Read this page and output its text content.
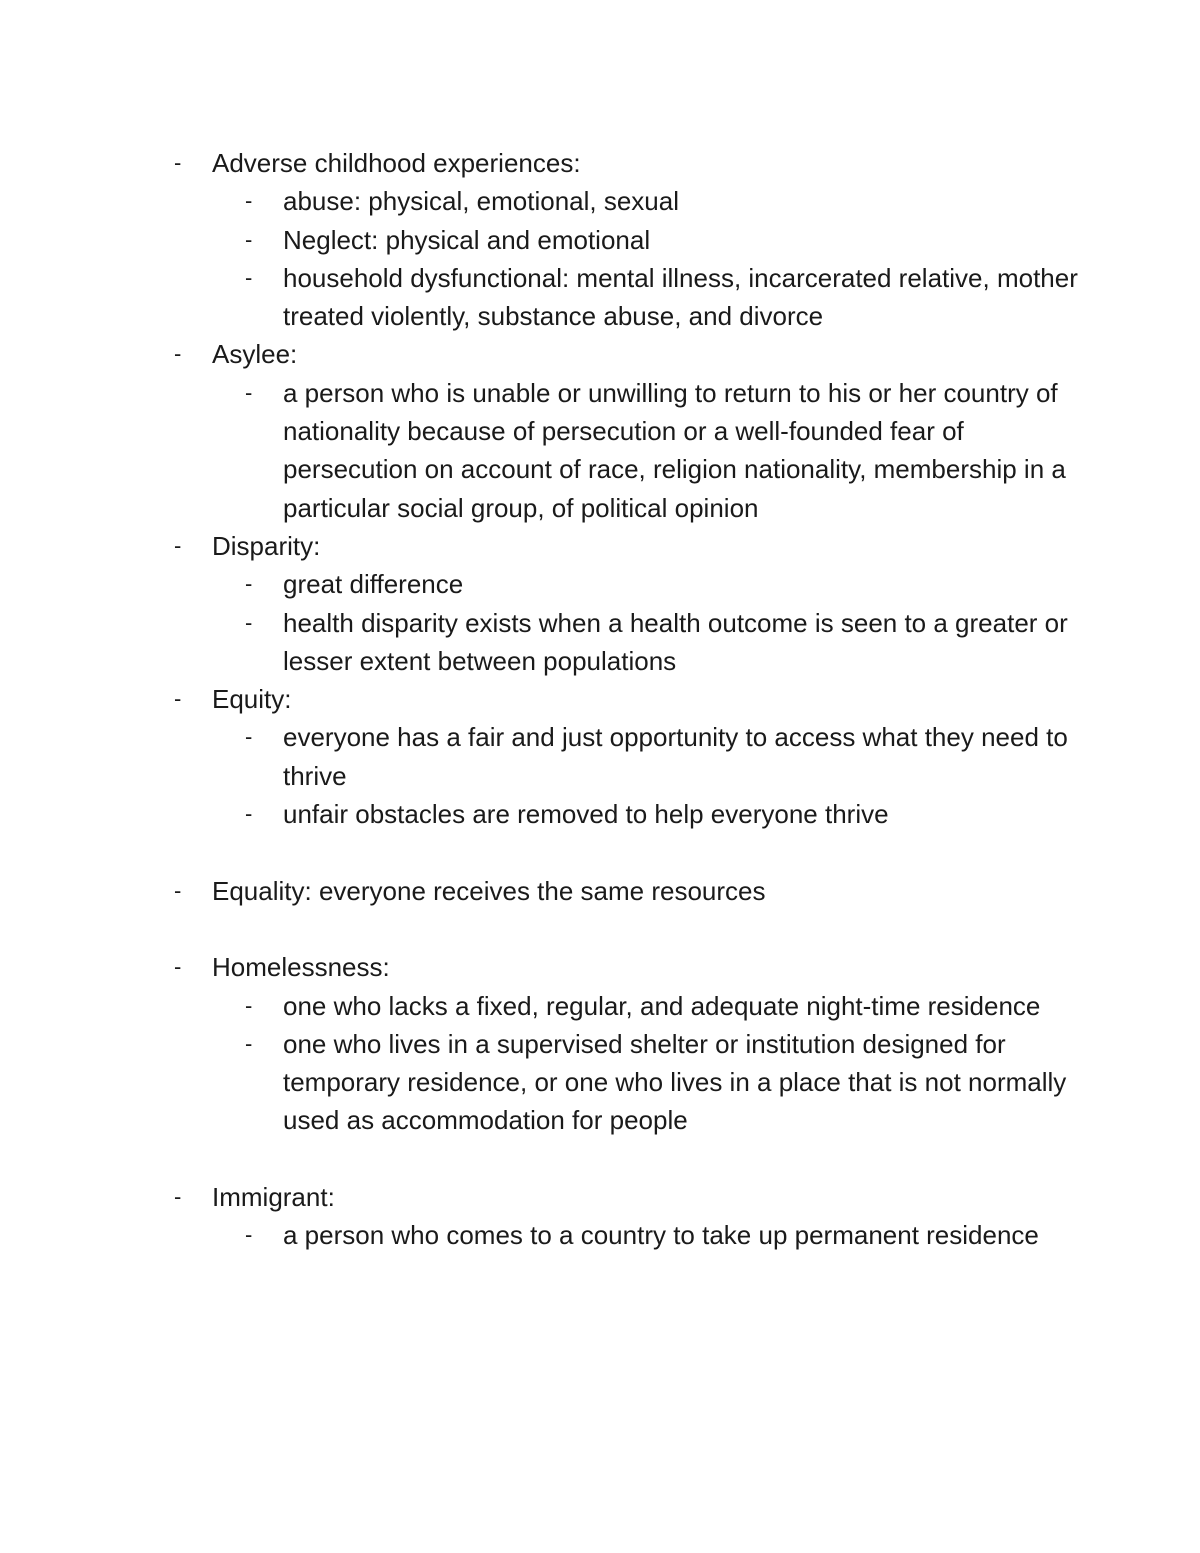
- Adverse childhood experiences:
- abuse: physical, emotional, sexual
- Neglect: physical and emotional
- household dysfunctional: mental illness, incarcerated relative, mother treated violently, substance abuse, and divorce
- Asylee:
- a person who is unable or unwilling to return to his or her country of nationality because of persecution or a well-founded fear of persecution on account of race, religion nationality, membership in a particular social group, of political opinion
- Disparity:
- great difference
- health disparity exists when a health outcome is seen to a greater or lesser extent between populations
- Equity:
- everyone has a fair and just opportunity to access what they need to thrive
- unfair obstacles are removed to help everyone thrive
- Equality: everyone receives the same resources
- Homelessness:
- one who lacks a fixed, regular, and adequate night-time residence
- one who lives in a supervised shelter or institution designed for temporary residence, or one who lives in a place that is not normally used as accommodation for people
- Immigrant:
- a person who comes to a country to take up permanent residence
